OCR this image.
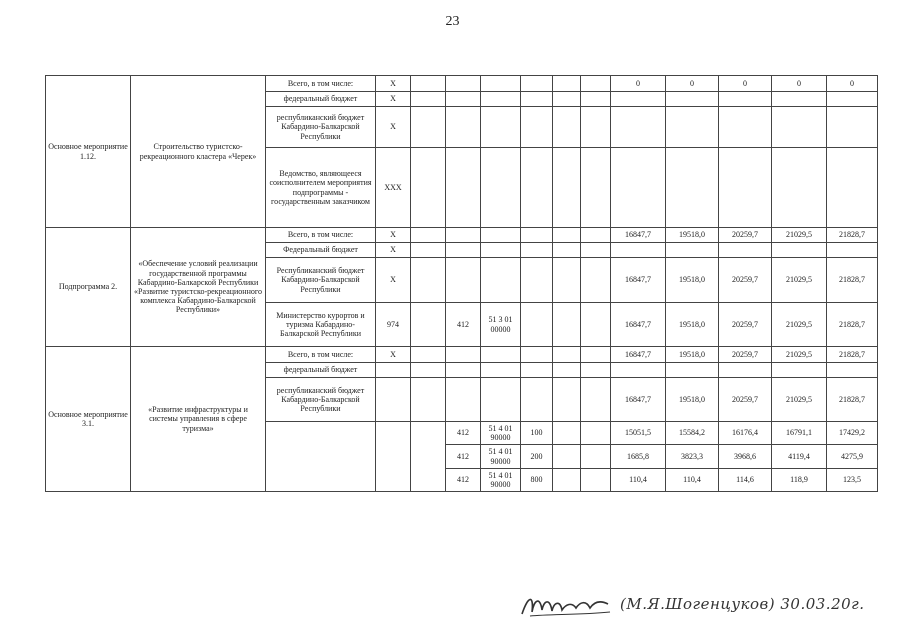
23
Основное мероприятие 1.12.	Строительство туристско-рекреационного кластера «Черек»	Всего, в том числе:	X							0	0	0	0	0
		федеральный бюджет	X											
		республиканский бюджет Кабардино-Балкарской Республики	X											
		Ведомство, являющееся соисполнителем мероприятия подпрограммы - государственным заказчиком	XXX											
Подпрограмма 2.	«Обеспечение условий реализации государственной программы Кабардино-Балкарской Республики «Развитие туристско-рекреационного комплекса Кабардино-Балкарской Республики»	Всего, в том числе:	X							16847,7	19518,0	20259,7	21029,5	21828,7
		Федеральный бюджет	X											
		Республиканский бюджет Кабардино-Балкарской Республики	X							16847,7	19518,0	20259,7	21029,5	21828,7
		Министерство курортов и туризма Кабардино-Балкарской Республики	974		412	51 3 01 00000				16847,7	19518,0	20259,7	21029,5	21828,7
Основное мероприятие 3.1.	«Развитие инфраструктуры и системы управления в сфере туризма»	Всего, в том числе:	X							16847,7	19518,0	20259,7	21029,5	21828,7
		федеральный бюджет												
		республиканский бюджет Кабардино-Балкарской Республики								16847,7	19518,0	20259,7	21029,5	21828,7
					412	51 4 01 90000	100			15051,5	15584,2	16176,4	16791,1	17429,2
					412	51 4 01 90000	200			1685,8	3823,3	3968,6	4119,4	4275,9
					412	51 4 01 90000	800			110,4	110,4	114,6	118,9	123,5
(М.Я.Шогенцуков) 30.03.20г.
